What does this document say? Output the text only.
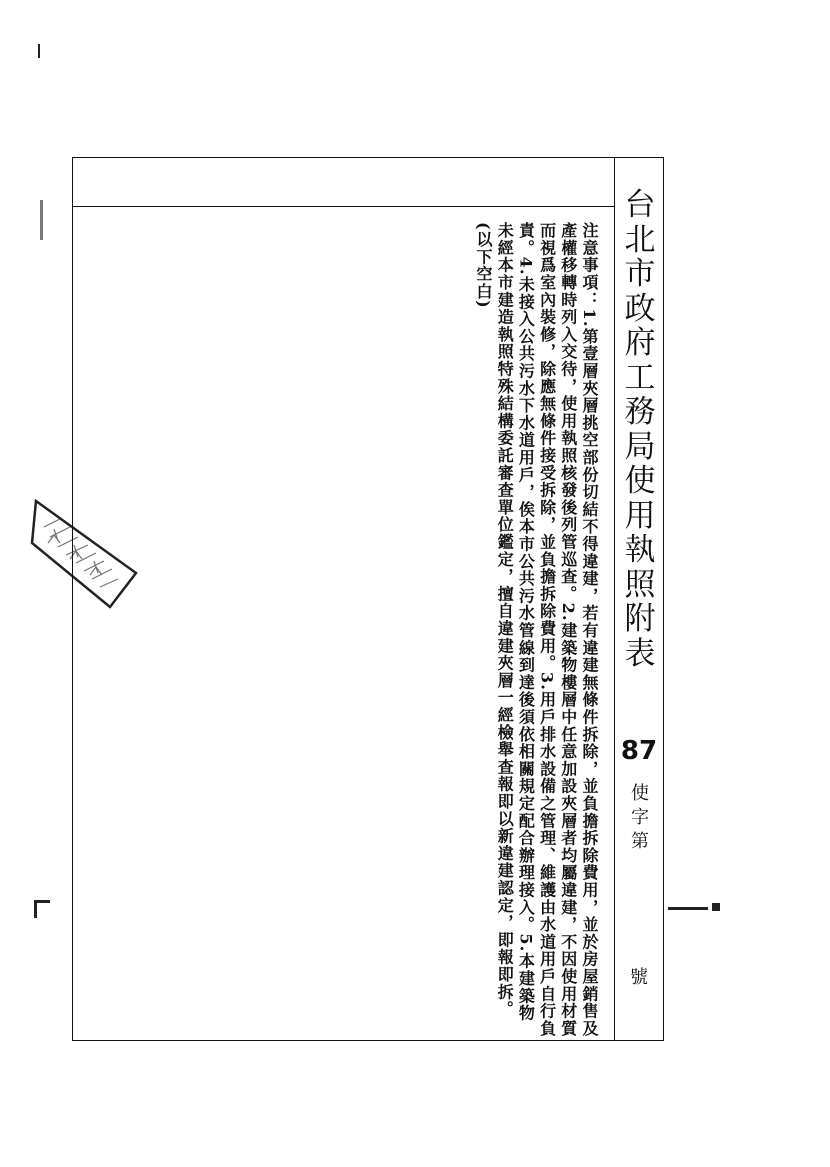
台
北
市
政
府
工
務
局
使
用
執
照
附
表
87
使
字
第
號

注意事項：1.第壹層夾層挑空部份切結不得違建，若有違建無條件拆除，並負擔拆除費用，並於房屋銷售及產權移轉時列入交待，使用執照核發後列管巡查。2.建築物樓層中任意加設夾層者均屬違建，不因使用材質而視爲室內裝修，除應無條件接受拆除，並負擔拆除費用。3.用戶排水設備之管理、維護由水道用戶自行負責。4.未接入公共污水下水道用戶，俟本市公共污水管線到達後須依相關規定配合辦理接入。5.本建築物未經本市建造執照特殊結構委託審查單位鑑定，擅自違建夾層一經檢舉查報即以新違建認定，即報即拆。(以下空白)
